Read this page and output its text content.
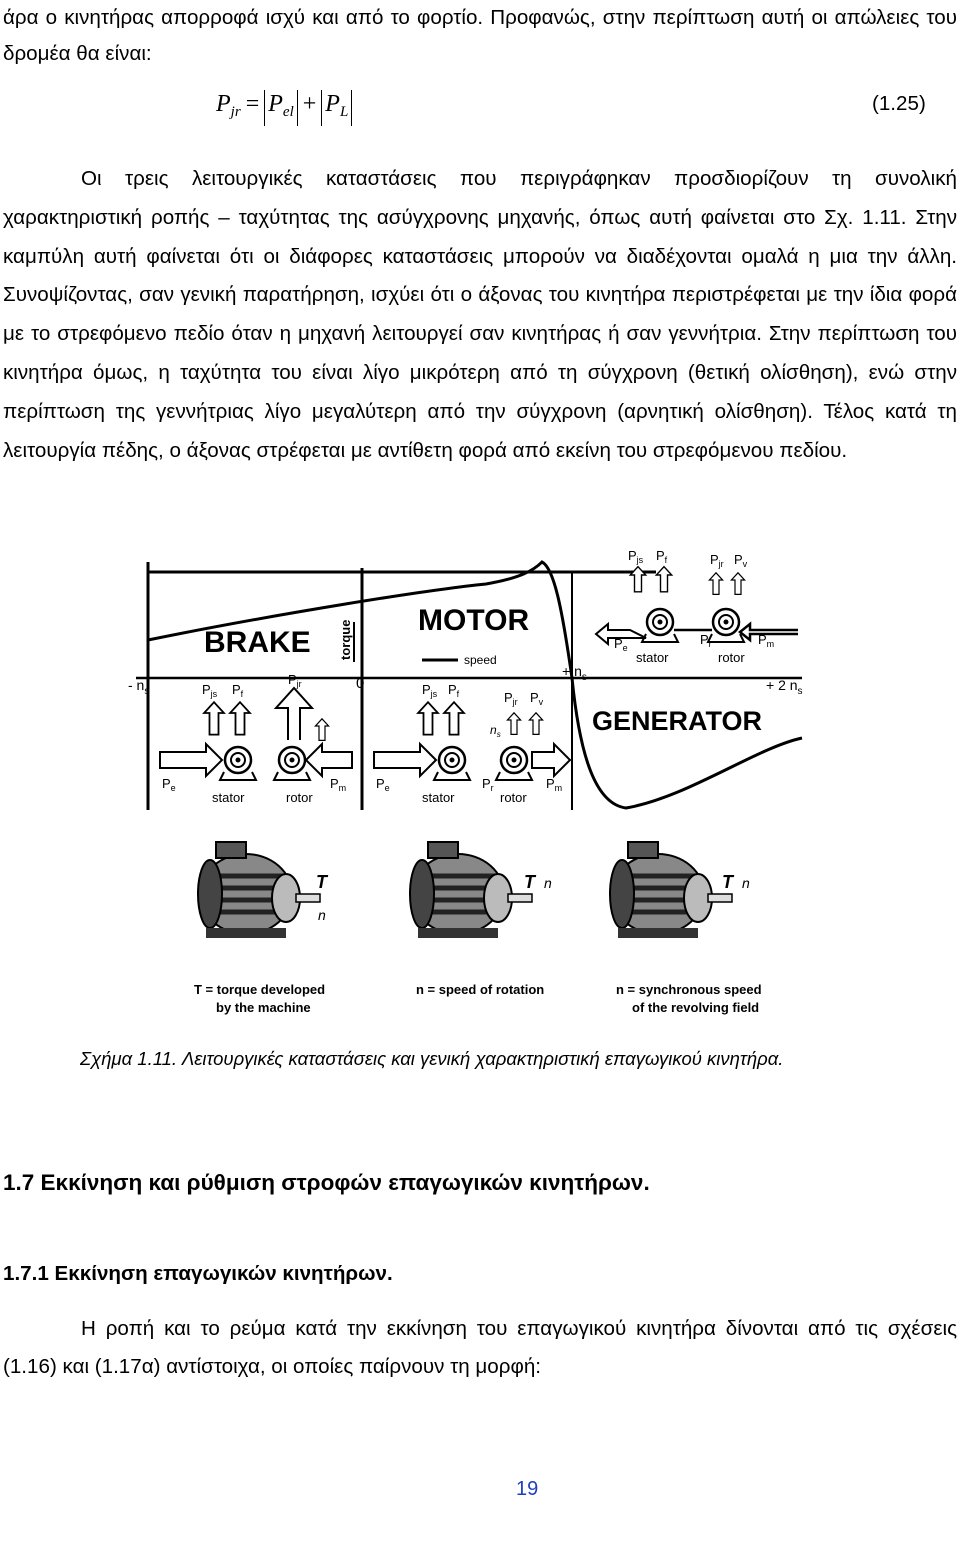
άρα ο κινητήρας απορροφά ισχύ και από το φορτίο. Προφανώς, στην περίπτωση αυτή οι απώλειες του δρομέα θα είναι:

$P_{jr} = P_{el} + P_L$	(1.25)

Οι τρεις λειτουργικές καταστάσεις που περιγράφηκαν προσδιορίζουν τη συνολική χαρακτηριστική ροπής – ταχύτητας της ασύγχρονης μηχανής, όπως αυτή φαίνεται στο Σχ. 1.11. Στην καμπύλη αυτή φαίνεται ότι οι διάφορες καταστάσεις μπορούν να διαδέχονται ομαλά η μια την άλλη. Συνοψίζοντας, σαν γενική παρατήρηση, ισχύει ότι ο άξονας του κινητήρα περιστρέφεται με την ίδια φορά με το στρεφόμενο πεδίο όταν η μηχανή λειτουργεί σαν κινητήρας ή σαν γεννήτρια. Στην περίπτωση του κινητήρα όμως, η ταχύτητα του είναι λίγο μικρότερη από τη σύγχρονη (θετική ολίσθηση), ενώ στην περίπτωση της γεννήτριας λίγο μεγαλύτερη από την σύγχρονη (αρνητική ολίσθηση). Τέλος κατά τη λειτουργία πέδης, ο άξονας στρέφεται με αντίθετη φορά από εκείνη του στρεφόμενου πεδίου.

BRAKE
MOTOR
GENERATOR
torque	speed
- $n_s$	0
+ $n_s$	+ 2 $n_s$
$P_{js}$ $P_f$	$P_{jr}$ $P_v$
$P_e$
$P_r$	$P_m$
stator	rotor
$P_{js}$ $P_f$
$P_{jr}$
$P_e$	$P_m$
stator	rotor
$P_{js}$ $P_f$	$P_{jr}$ $P_v$
$n_s$
$P_e$	$P_r$	$P_m$
stator	rotor
T
n
T n	T n
T = torque developed
by the machine
n = speed of rotation	n = synchronous speed
of the revolving field
Σχήμα 1.11. Λειτουργικές καταστάσεις και γενική χαρακτηριστική επαγωγικού κινητήρα.
1.7 Εκκίνηση και ρύθμιση στροφών επαγωγικών κινητήρων.
1.7.1 Εκκίνηση επαγωγικών κινητήρων.

Η ροπή και το ρεύμα κατά την εκκίνηση του επαγωγικού κινητήρα δίνονται από τις σχέσεις (1.16) και (1.17α) αντίστοιχα, οι οποίες παίρνουν τη μορφή:

19
